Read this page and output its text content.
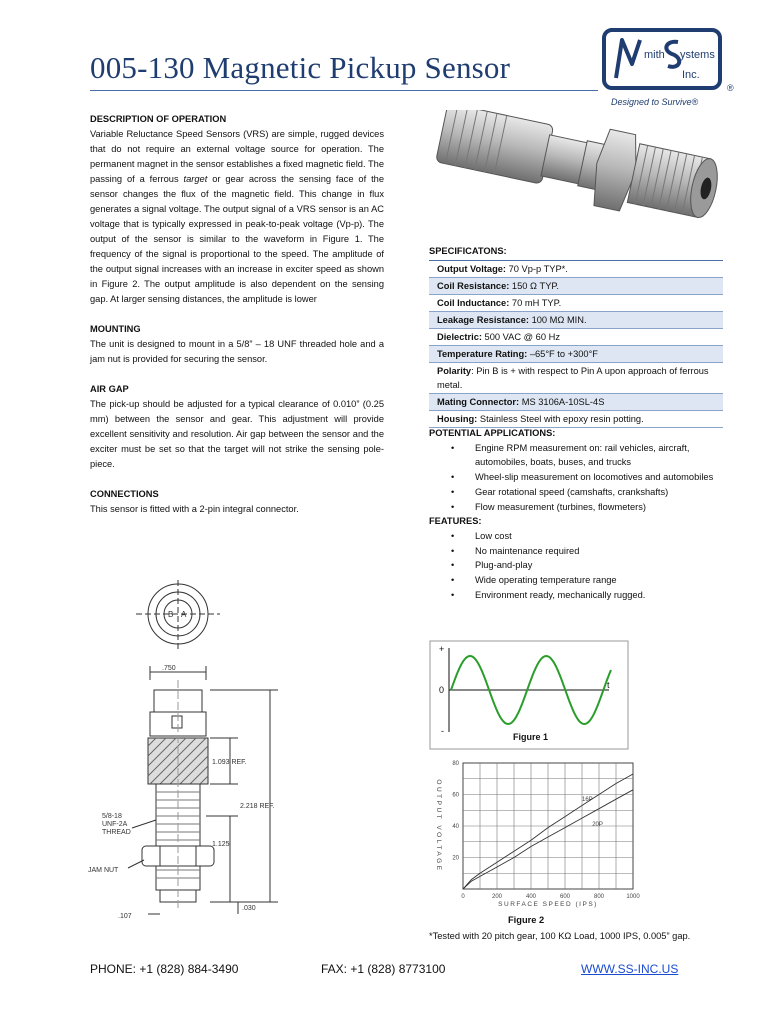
005-130 Magnetic Pickup Sensor	mith ystems
Inc.
®
Designed to Survive®
DESCRIPTION OF OPERATION

Variable Reluctance Speed Sensors (VRS) are simple, rugged devices that do not require an external voltage source for operation. The permanent magnet in the sensor establishes a fixed magnetic field. The passing of a ferrous target or gear across the sensing face of the sensor changes the flux of the magnetic field. This change in flux generates a signal voltage. The output signal of a VRS sensor is an AC voltage that is typically expressed in peak-to-peak voltage (Vp-p). The output of the sensor is similar to the waveform in Figure 1. The frequency of the signal is proportional to the speed. The amplitude of the output signal increases with an increase in exciter speed as shown in Figure 2. The output amplitude is also dependent on the sensing gap. At larger sensing distances, the amplitude is lower

MOUNTING

The unit is designed to mount in a 5/8” – 18 UNF threaded hole and a jam nut is provided for securing the sensor.

AIR GAP

The pick-up should be adjusted for a typical clearance of 0.010” (0.25 mm) between the sensor and gear. This adjustment will provide excellent sensitivity and resolution. Air gap between the sensor and the exciter must be set so that the target will not strike the sensing pole-piece.

CONNECTIONS

This sensor is fitted with a 2-pin integral connector.

B A
.750
1.093 REF.
2.218 REF.
1.125
.107
.030
5/8-18
UNF-2A
THREAD
JAM NUT
SPECIFICATONS:
Output Voltage: 70 Vp-p TYP*.
Coil Resistance: 150 Ω TYP.
Coil Inductance: 70 mH TYP.
Leakage Resistance: 100 MΩ MIN.
Dielectric: 500 VAC @ 60 Hz
Temperature Rating: –65°F to +300°F
Polarity: Pin B is + with respect to Pin A upon approach of ferrous metal.
Mating Connector: MS 3106A-10SL-4S
Housing: Stainless Steel with epoxy resin potting.
POTENTIAL APPLICATIONS:
• Engine RPM measurement on: rail vehicles, aircraft, automobiles, boats, buses, and trucks
• Wheel-slip measurement on locomotives and automobiles
• Gear rotational speed (camshafts, crankshafts)
• Flow measurement (turbines, flowmeters)
FEATURES:
• Low cost
• No maintenance required
• Plug-and-play
• Wide operating temperature range
• Environment ready, mechanically rugged.
+
0
-
t
Figure 1
0	200	400	600	800	1000
20
40
60
80
SURFACE SPEED (IPS)
OUTPUT VOLTAGE	16P
20P
Figure 2
*Tested with 20 pitch gear, 100 KΩ Load, 1000 IPS, 0.005” gap.
PHONE: +1 (828) 884-3490	FAX: +1 (828) 8773100	WWW.SS-INC.US
